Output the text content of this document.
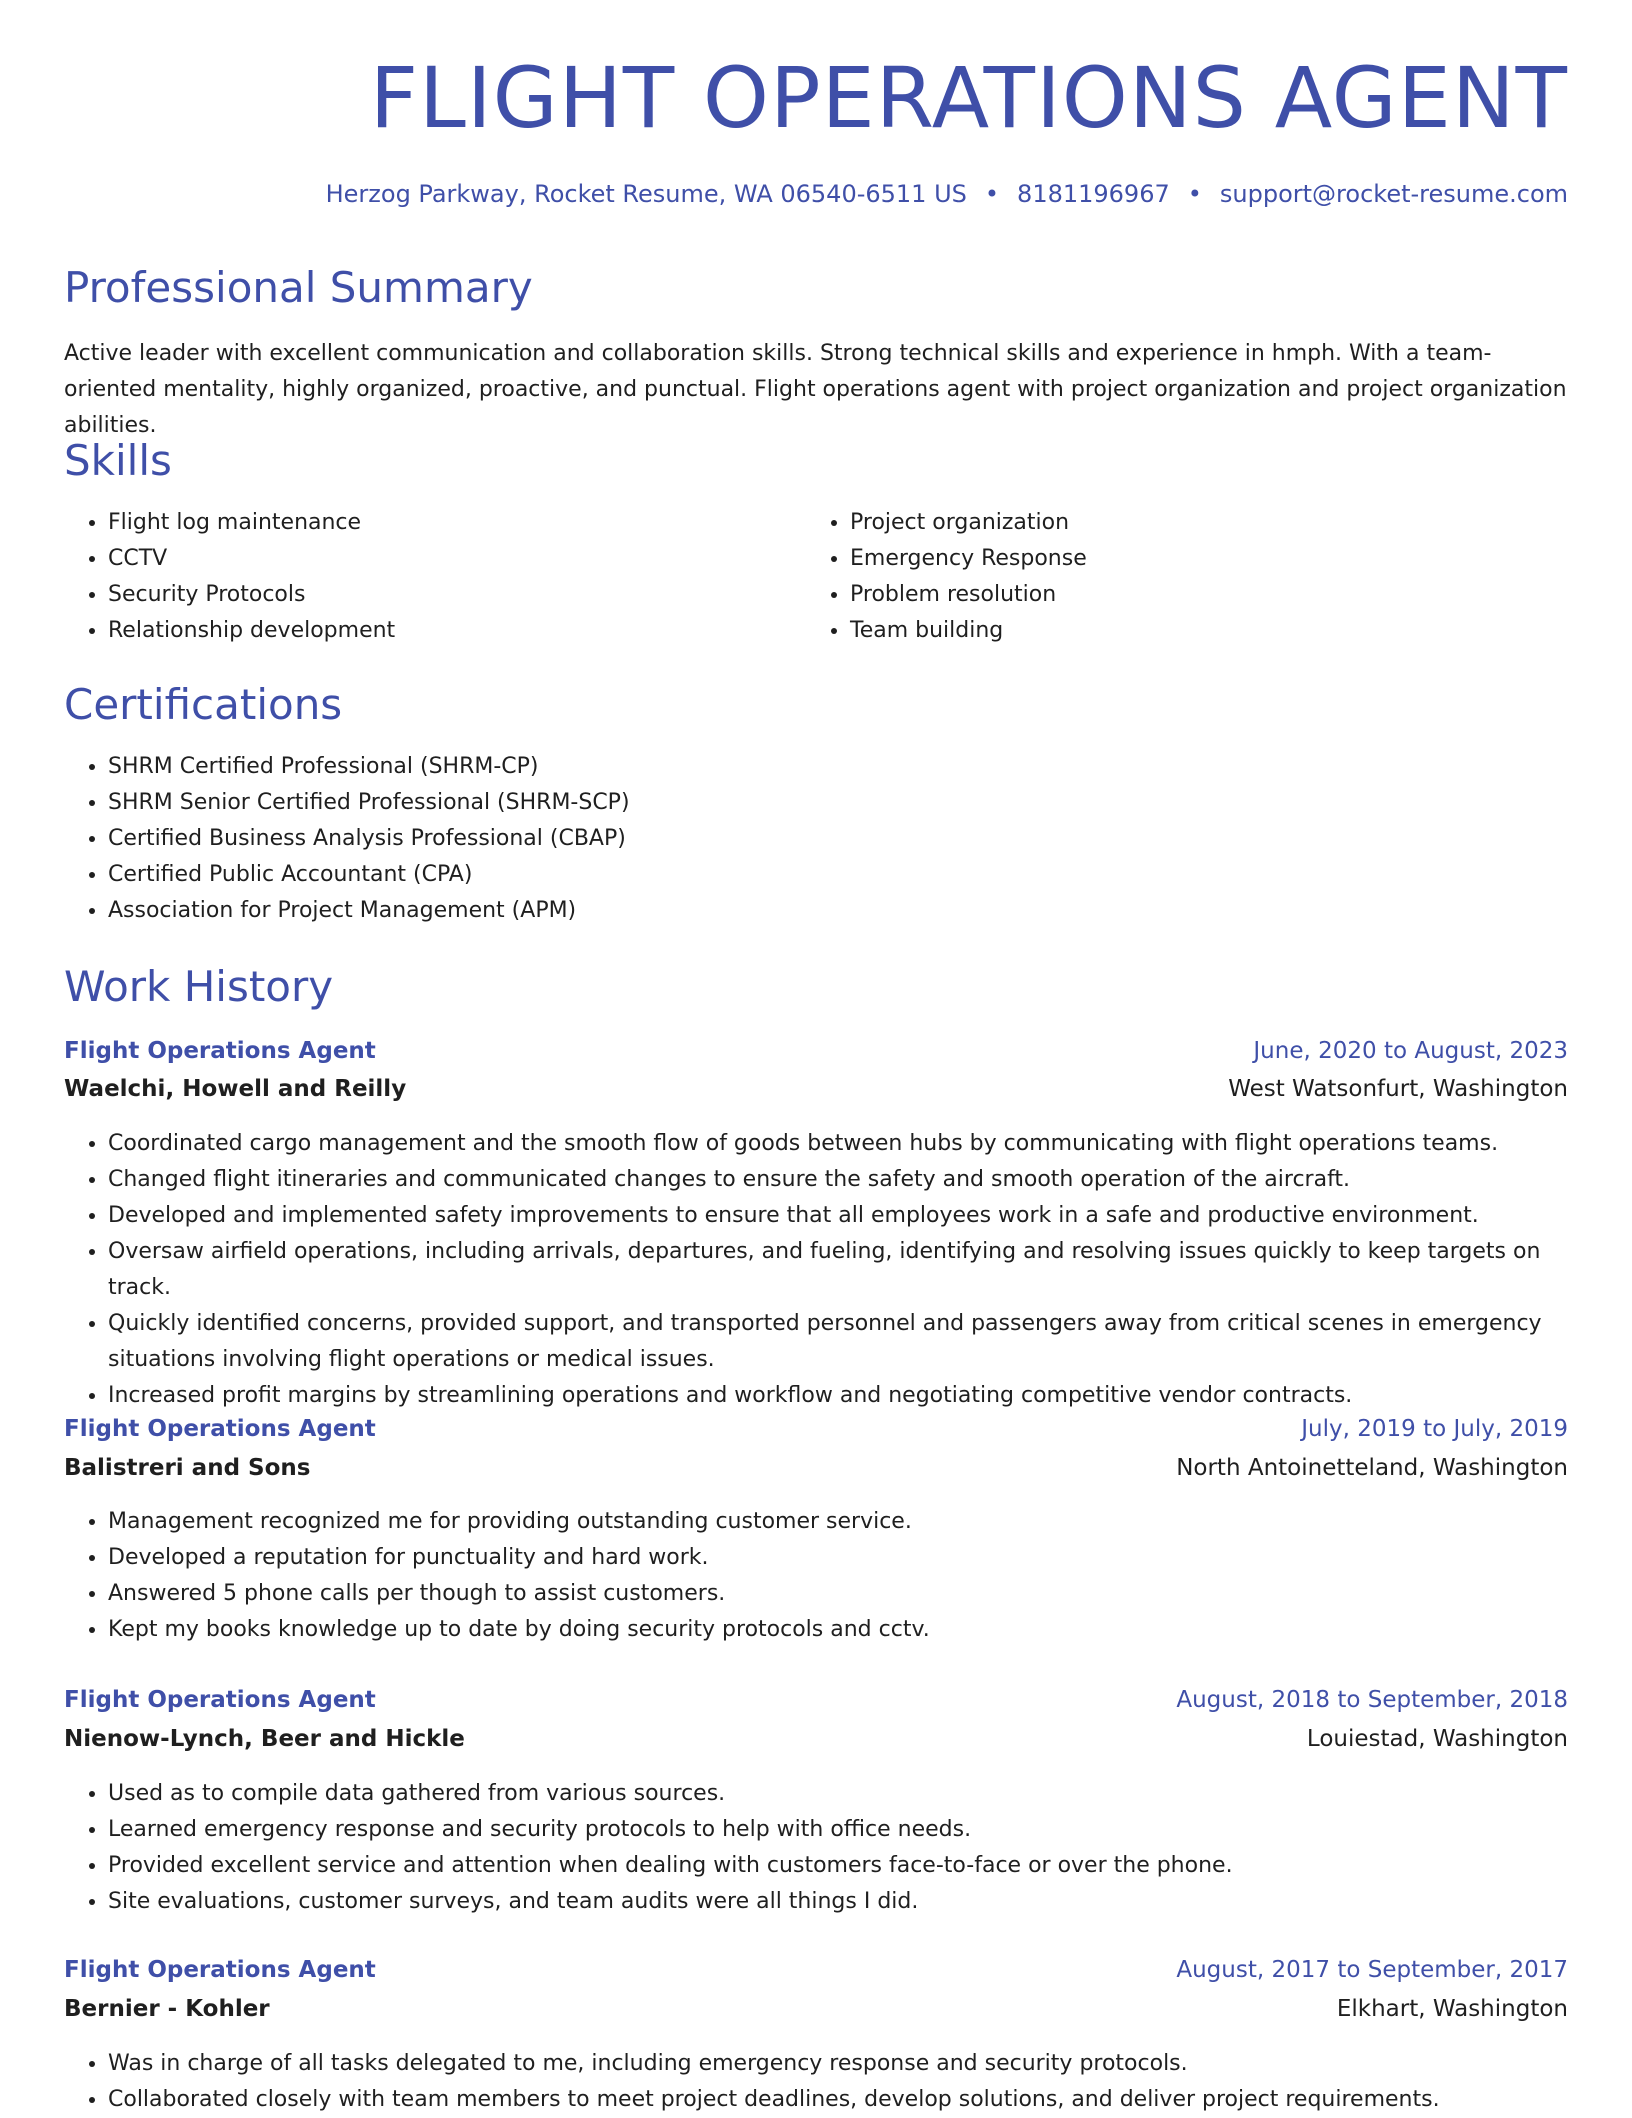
FLIGHT OPERATIONS AGENT
Herzog Parkway, Rocket Resume, WA 06540-6511 US • 8181196967 • support@rocket-resume.com
Professional Summary

Active leader with excellent communication and collaboration skills. Strong technical skills and experience in hmph. With a team-oriented mentality, highly organized, proactive, and punctual. Flight operations agent with project organization and project organization abilities.

Skills
• Flight log maintenance
• CCTV
• Security Protocols
• Relationship development
• Project organization
• Emergency Response
• Problem resolution
• Team building
Certifications
• SHRM Certified Professional (SHRM-CP)
• SHRM Senior Certified Professional (SHRM-SCP)
• Certified Business Analysis Professional (CBAP)
• Certified Public Accountant (CPA)
• Association for Project Management (APM)
Work History
Flight Operations Agent	June, 2020 to August, 2023
Waelchi, Howell and Reilly	West Watsonfurt, Washington
• Coordinated cargo management and the smooth flow of goods between hubs by communicating with flight operations teams.
• Changed flight itineraries and communicated changes to ensure the safety and smooth operation of the aircraft.
• Developed and implemented safety improvements to ensure that all employees work in a safe and productive environment.
• Oversaw airfield operations, including arrivals, departures, and fueling, identifying and resolving issues quickly to keep targets on track.
• Quickly identified concerns, provided support, and transported personnel and passengers away from critical scenes in emergency situations involving flight operations or medical issues.
• Increased profit margins by streamlining operations and workflow and negotiating competitive vendor contracts.
Flight Operations Agent	July, 2019 to July, 2019
Balistreri and Sons	North Antoinetteland, Washington
• Management recognized me for providing outstanding customer service.
• Developed a reputation for punctuality and hard work.
• Answered 5 phone calls per though to assist customers.
• Kept my books knowledge up to date by doing security protocols and cctv.
Flight Operations Agent	August, 2018 to September, 2018
Nienow-Lynch, Beer and Hickle	Louiestad, Washington
• Used as to compile data gathered from various sources.
• Learned emergency response and security protocols to help with office needs.
• Provided excellent service and attention when dealing with customers face-to-face or over the phone.
• Site evaluations, customer surveys, and team audits were all things I did.
Flight Operations Agent	August, 2017 to September, 2017
Bernier - Kohler	Elkhart, Washington
• Was in charge of all tasks delegated to me, including emergency response and security protocols.
• Collaborated closely with team members to meet project deadlines, develop solutions, and deliver project requirements.
